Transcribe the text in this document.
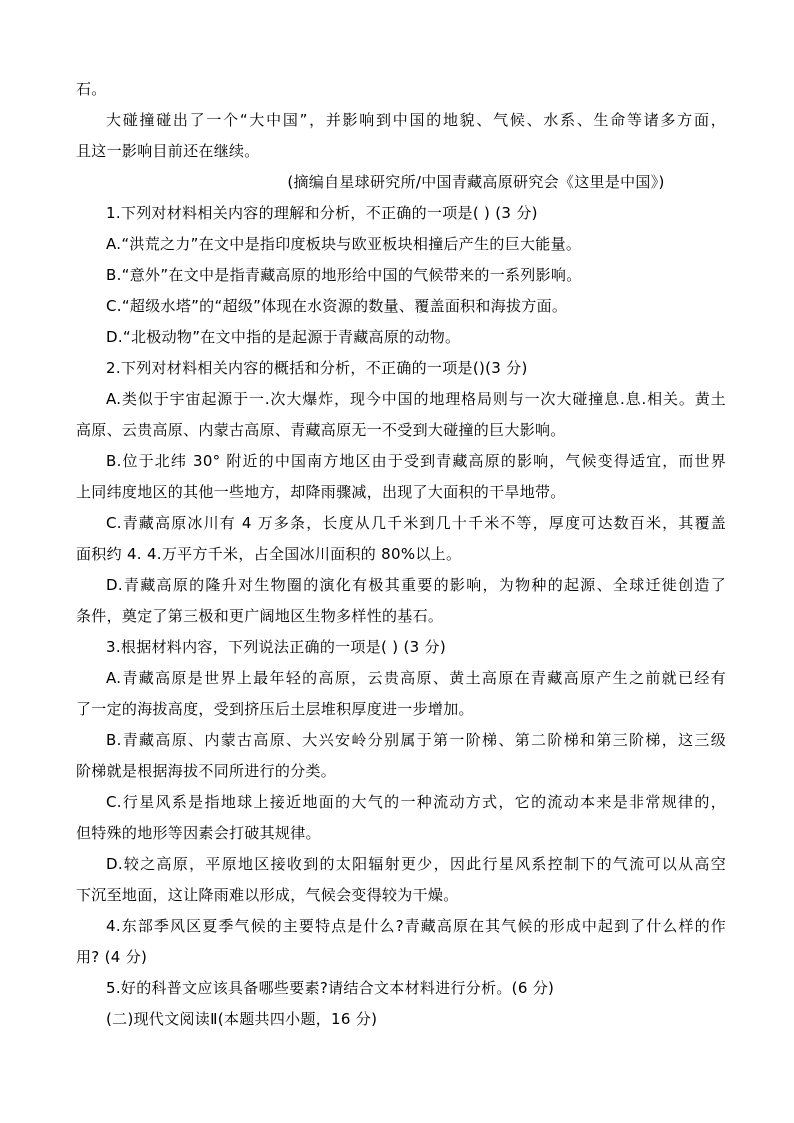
石。
大碰撞碰出了一个“大中国”，并影响到中国的地貌、气候、水系、生命等诸多方面，
且这一影响目前还在继续。
(摘编自星球研究所/中国青藏高原研究会《这里是中国》)
1.下列对材料相关内容的理解和分析，不正确的一项是( ) (3 分)
A.“洪荒之力”在文中是指印度板块与欧亚板块相撞后产生的巨大能量。
B.“意外”在文中是指青藏高原的地形给中国的气候带来的一系列影响。
C.“超级水塔”的“超级”体现在水资源的数量、覆盖面积和海拔方面。
D.“北极动物”在文中指的是起源于青藏高原的动物。
2.下列对材料相关内容的概括和分析，不正确的一项是()(3 分)
A.类似于宇宙起源于一.次大爆炸，现今中国的地理格局则与一次大碰撞息.息.相关。黄土
高原、云贵高原、内蒙古高原、青藏高原无一不受到大碰撞的巨大影响。
B.位于北纬 30° 附近的中国南方地区由于受到青藏高原的影响，气候变得适宜，而世界
上同纬度地区的其他一些地方，却降雨骤减，出现了大面积的干旱地带。
C.青藏高原冰川有 4 万多条，长度从几千米到几十千米不等，厚度可达数百米，其覆盖
面积约 4. 4.万平方千米，占全国冰川面积的 80%以上。
D.青藏高原的隆升对生物圈的演化有极其重要的影响，为物种的起源、全球迁徙创造了
条件，奠定了第三极和更广阔地区生物多样性的基石。
3.根据材料内容，下列说法正确的一项是( ) (3 分)
A.青藏高原是世界上最年轻的高原，云贵高原、黄土高原在青藏高原产生之前就已经有
了一定的海拔高度，受到挤压后土层堆积厚度进一步增加。
B.青藏高原、内蒙古高原、大兴安岭分别属于第一阶梯、第二阶梯和第三阶梯，这三级
阶梯就是根据海拔不同所进行的分类。
C.行星风系是指地球上接近地面的大气的一种流动方式，它的流动本来是非常规律的，
但特殊的地形等因素会打破其规律。
D.较之高原，平原地区接收到的太阳辐射更少，因此行星风系控制下的气流可以从高空
下沉至地面，这让降雨难以形成，气候会变得较为干燥。
4.东部季风区夏季气候的主要特点是什么?青藏高原在其气候的形成中起到了什么样的作
用? (4 分)
5.好的科普文应该具备哪些要素?请结合文本材料进行分析。(6 分)
(二)现代文阅读Ⅱ(本题共四小题，16 分)
